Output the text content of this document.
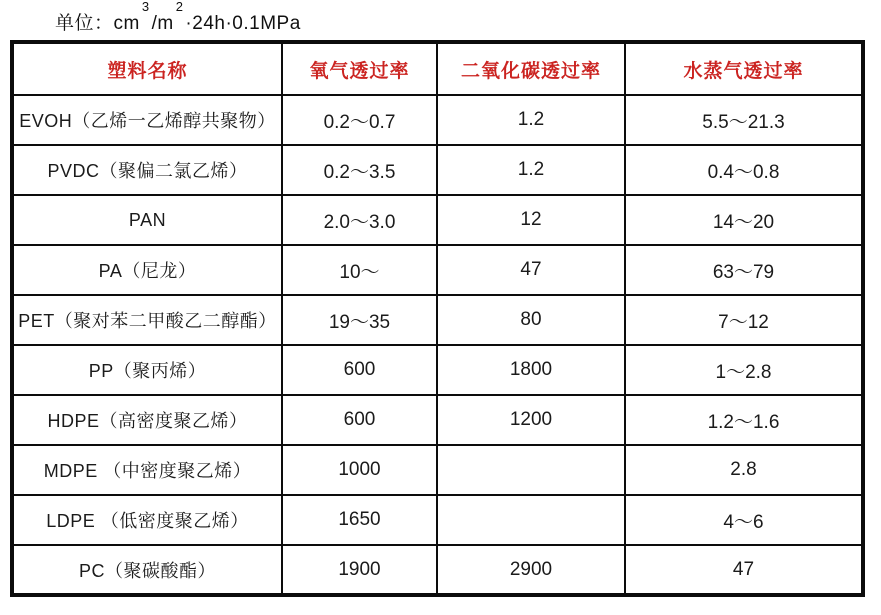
单位：$cm^3/m^2\cdot 24h\cdot 0.1MPa$
塑料名称	氧气透过率	二氧化碳透过率	水蒸气透过率
EVOH（乙烯一乙烯醇共聚物）	0.2～0.7	1.2	5.5～21.3
PVDC（聚偏二氯乙烯）	0.2～3.5	1.2	0.4～0.8
PAN	2.0～3.0	12	14～20
PA（尼龙）	10～	47	63～79
PET（聚对苯二甲酸乙二醇酯）	19～35	80	7～12
PP（聚丙烯）	600	1800	1～2.8
HDPE（高密度聚乙烯）	600	1200	1.2～1.6
MDPE （中密度聚乙烯）	1000		2.8
LDPE （低密度聚乙烯）	1650		4～6
PC（聚碳酸酯）	1900	2900	47
